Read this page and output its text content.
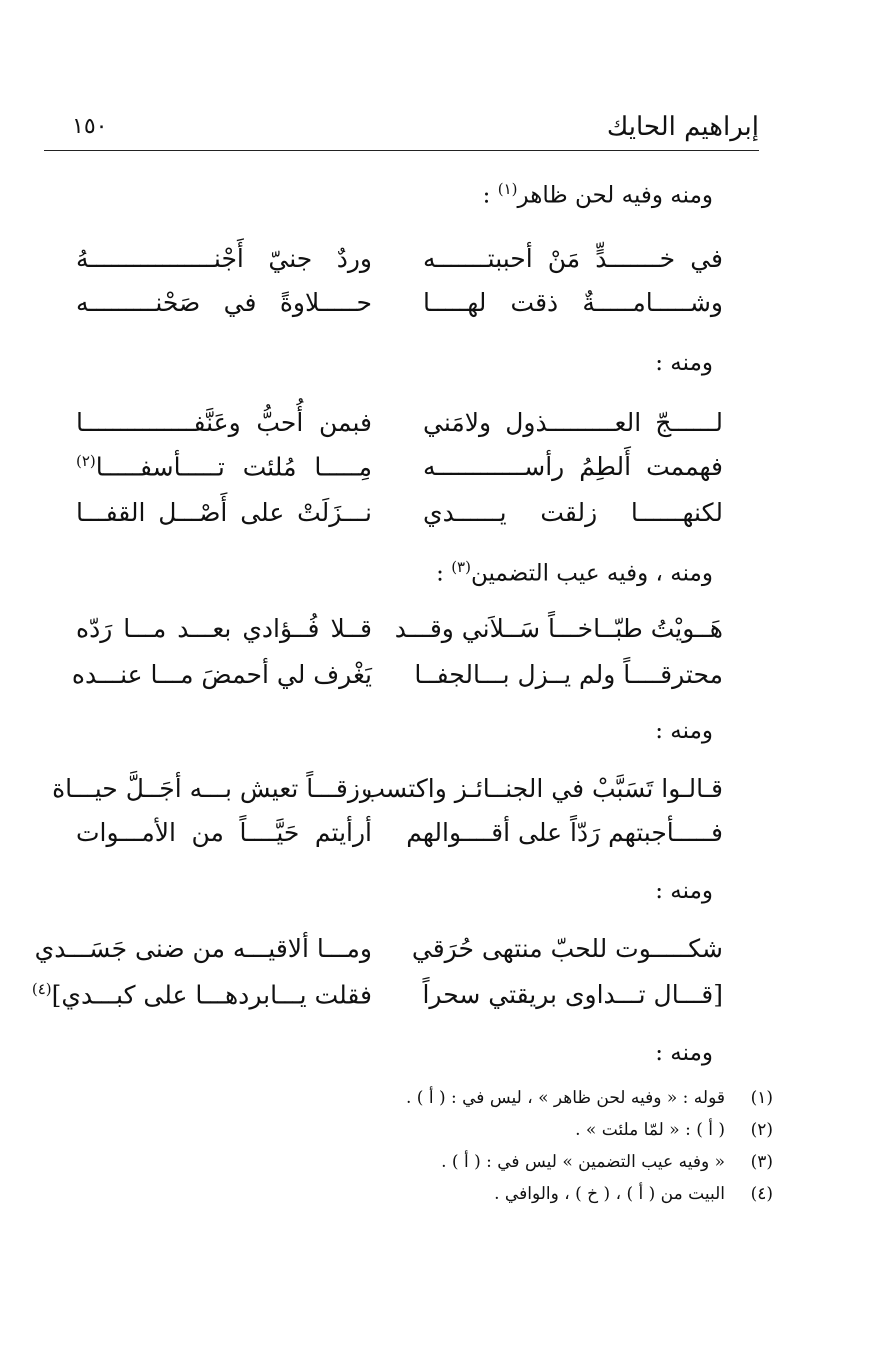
إبراهيم الحايك
١٥٠
ومنه وفيه لحن ظاهر$^{(١)}$ :
في خـــــــدٍّ مَنْ أحببتـــــــه
وردٌ جنيّ أَجْنـــــــــــــــــهُ
وشـــــامـــــةٌ ذقت لهـــــا
حـــــلاوةً في صَحْنـــــــــه
ومنه :
لــــــجّ العـــــــــذول ولامَني
فبمن أُحبُّ وعَنَّفـــــــــــــــا
فهممت أَلطِمُ رأســــــــــــه
مِـــــا مُلئت تـــــأسفـــــا$^{(٢)}$
لكنهــــــا زلقت يــــــدي
نـــزَلَتْ على أَصْـــل القفـــا
ومنه ، وفيه عيب التضمين$^{(٣)}$ :
هَــويْتُ طبّــاخـــاً سَــلاَني وقـــد
قــلا فُــؤادي بعـــد مـــا رَدّه
محترقــــاً ولم يــزل بـــالجفــا
يَغْرف لي أحمضَ مـــا عنـــده
ومنه :
قـالـوا تَسَبَّبْ في الجنــائـز واكتسب
رزقـــاً تعيش بـــه أجَــلَّ حيـــاة
فـــــأجبتهم رَدّاً على أقــــوالهم
أرأيتم حَيَّــــاً من الأمـــوات
ومنه :
شكـــــوت للحبّ منتهى حُرَقي
ومـــا ألاقيـــه من ضنى جَسَـــدي
[قـــال تـــداوى بريقتي سحراً
فقلت يـــابردهـــا على كبـــدي]$^{(٤)}$
ومنه :
(١)
قوله : « وفيه لحن ظاهر » ، ليس في : ( أ ) .
(٢)
( أ ) : « لمّا ملئت » .
(٣)
« وفيه عيب التضمين » ليس في : ( أ ) .
(٤)
البيت من ( أ ) ، ( خ ) ، والوافي .
